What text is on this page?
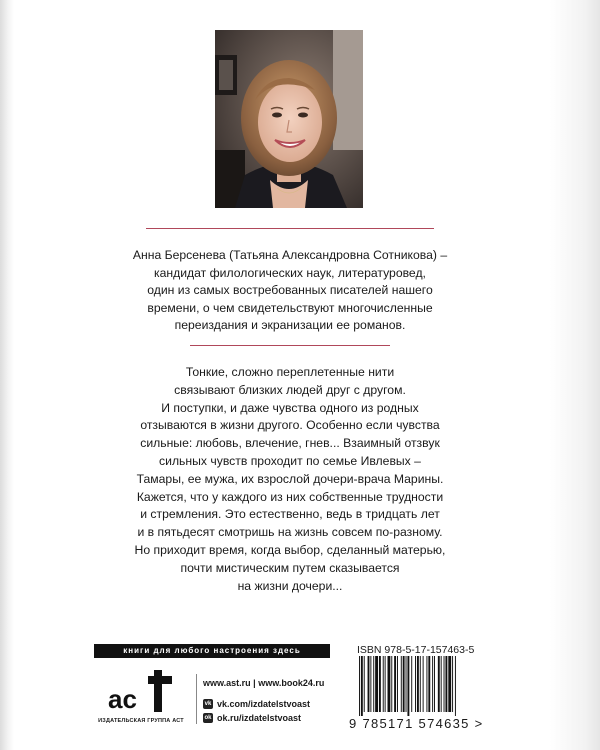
Анна Берсенева (Татьяна Александровна Сотникова) –
кандидат филологических наук, литературовед,
один из самых востребованных писателей нашего
времени, о чем свидетельствуют многочисленные
переиздания и экранизации ее романов.
Тонкие, сложно переплетенные нити
связывают близких людей друг с другом.
И поступки, и даже чувства одного из родных
отзываются в жизни другого. Особенно если чувства
сильные: любовь, влечение, гнев... Взаимный отзвук
сильных чувств проходит по семье Ивлевых –
Тамары, ее мужа, их взрослой дочери-врача Марины.
Кажется, что у каждого из них собственные трудности
и стремления. Это естественно, ведь в тридцать лет
и в пятьдесят смотришь на жизнь совсем по-разному.
Но приходит время, когда выбор, сделанный матерью,
почти мистическим путем сказывается
на жизни дочери...
книги для любого настроения здесь
ac
ИЗДАТЕЛЬСКАЯ ГРУППА АСТ
www.ast.ru | www.book24.ru
vk vk.com/izdatelstvoast
ok ok.ru/izdatelstvoast
ISBN 978-5-17-157463-5
9 785171 574635 >
